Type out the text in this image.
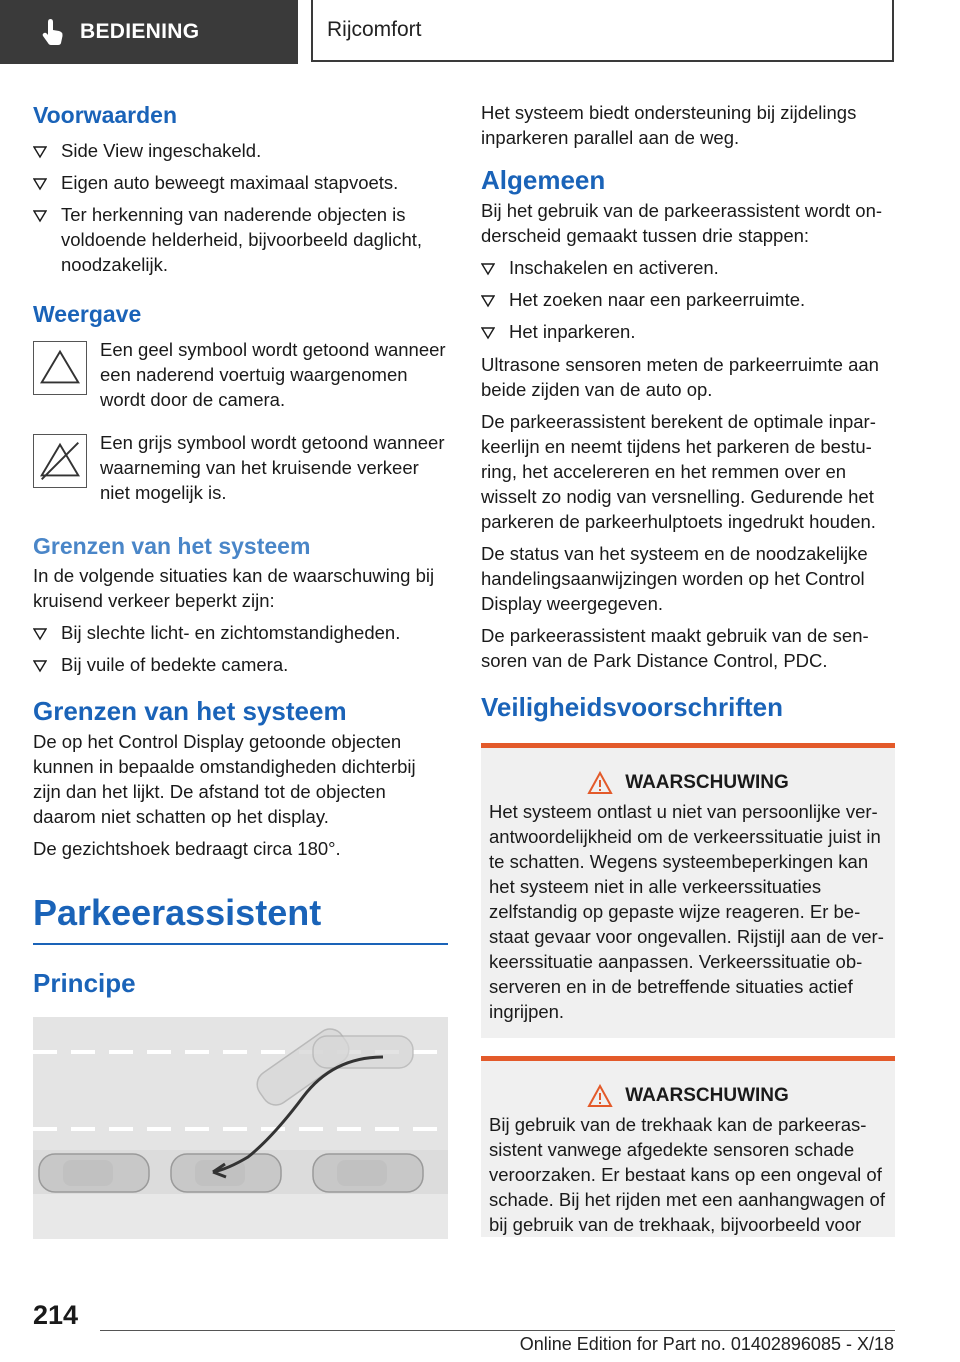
BEDIENING	Rijcomfort
Voorwaarden
Side View ingeschakeld.
Eigen auto beweegt maximaal stapvoets.
Ter herkenning van naderende objecten is voldoende helderheid, bijvoorbeeld daglicht, noodzakelijk.
Weergave
Een geel symbool wordt getoond wanneer een naderend voertuig waargenomen wordt door de camera.
Een grijs symbool wordt getoond wanneer waarneming van het kruisende verkeer niet mogelijk is.
Grenzen van het systeem

In de volgende situaties kan de waarschuwing bij kruisend verkeer beperkt zijn:

Bij slechte licht- en zichtomstandigheden.
Bij vuile of bedekte camera.
Grenzen van het systeem

De op het Control Display getoonde objecten kunnen in bepaalde omstandigheden dichterbij zijn dan het lijkt. De afstand tot de objecten daarom niet schatten op het display.

De gezichtshoek bedraagt circa 180°.

Parkeerassistent
Principe

Het systeem biedt ondersteuning bij zijdelings inparkeren parallel aan de weg.

Algemeen

Bij het gebruik van de parkeerassistent wordt onderscheid gemaakt tussen drie stappen:

Inschakelen en activeren.
Het zoeken naar een parkeerruimte.
Het inparkeren.

Ultrasone sensoren meten de parkeerruimte aan beide zijden van de auto op.

De parkeerassistent berekent de optimale inparkeerlijn en neemt tijdens het parkeren de besturing, het accelereren en het remmen over en wisselt zo nodig van versnelling. Gedurende het parkeren de parkeerhulptoets ingedrukt houden.

De status van het systeem en de noodzakelijke handelingsaanwijzingen worden op het Control Display weergegeven.

De parkeerassistent maakt gebruik van de sensoren van de Park Distance Control, PDC.

Veiligheidsvoorschriften
WAARSCHUWING
Het systeem ontlast u niet van persoonlijke verantwoordelijkheid om de verkeerssituatie juist in te schatten. Wegens systeembeperkingen kan het systeem niet in alle verkeerssituaties zelfstandig op gepaste wijze reageren. Er bestaat gevaar voor ongevallen. Rijstijl aan de verkeerssituatie aanpassen. Verkeerssituatie observeren en in de betreffende situaties actief ingrijpen.
WAARSCHUWING
Bij gebruik van de trekhaak kan de parkeerassistent vanwege afgedekte sensoren schade veroorzaken. Er bestaat kans op een ongeval of schade. Bij het rijden met een aanhangwagen of bij gebruik van de trekhaak, bijvoorbeeld voor
214
Online Edition for Part no. 01402896085 - X/18
